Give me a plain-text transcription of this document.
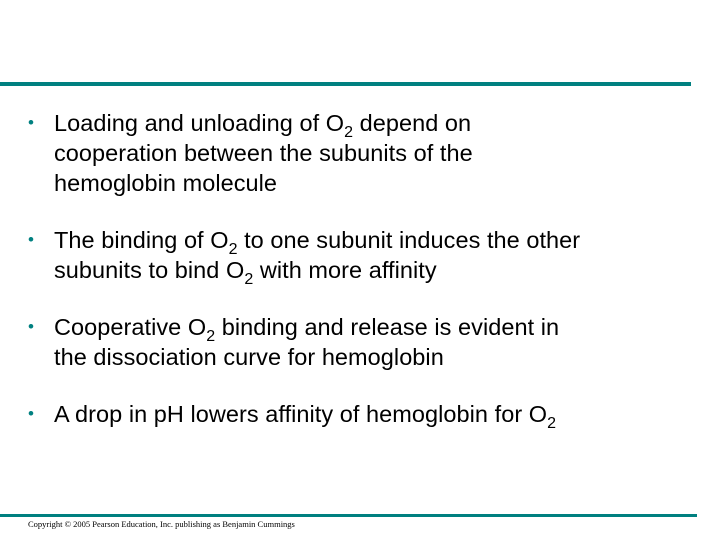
• Loading and unloading of $O_2$ depend on
cooperation between the subunits of the
hemoglobin molecule
• The binding of $O_2$ to one subunit induces the other
subunits to bind $O_2$ with more affinity
• Cooperative $O_2$ binding and release is evident in
the dissociation curve for hemoglobin
• A drop in pH lowers affinity of hemoglobin for $O_2$
Copyright © 2005 Pearson Education, Inc. publishing as Benjamin Cummings
